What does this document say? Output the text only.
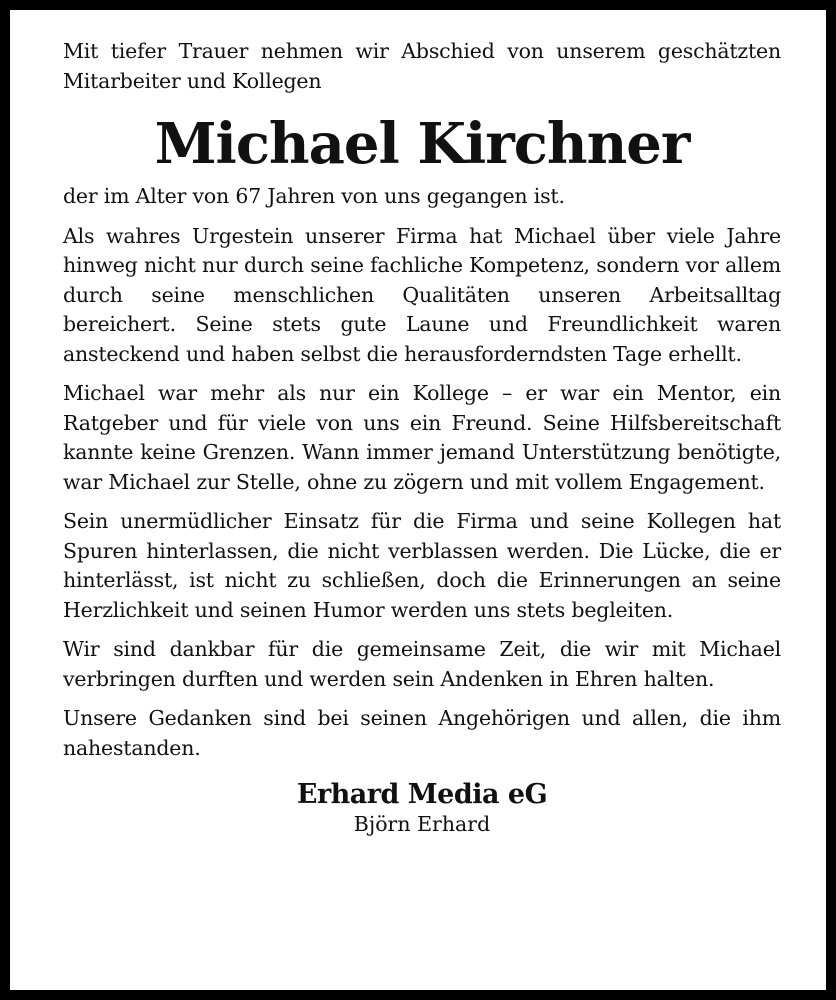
Mit tiefer Trauer nehmen wir Abschied von unserem geschätzten Mitarbeiter und Kollegen

Michael Kirchner

der im Alter von 67 Jahren von uns gegangen ist.

Als wahres Urgestein unserer Firma hat Michael über viele Jahre hinweg nicht nur durch seine fachliche Kompetenz, sondern vor allem durch seine menschlichen Qualitäten unseren Arbeitsalltag bereichert. Seine stets gute Laune und Freundlichkeit waren ansteckend und haben selbst die herausforderndsten Tage erhellt.

Michael war mehr als nur ein Kollege – er war ein Mentor, ein Ratgeber und für viele von uns ein Freund. Seine Hilfsbereitschaft kannte keine Grenzen. Wann immer jemand Unterstützung benötigte, war Michael zur Stelle, ohne zu zögern und mit vollem Engagement.

Sein unermüdlicher Einsatz für die Firma und seine Kollegen hat Spuren hinterlassen, die nicht verblassen werden. Die Lücke, die er hinterlässt, ist nicht zu schließen, doch die Erinnerungen an seine Herzlichkeit und seinen Humor werden uns stets begleiten.

Wir sind dankbar für die gemeinsame Zeit, die wir mit Michael verbringen durften und werden sein Andenken in Ehren halten.

Unsere Gedanken sind bei seinen Angehörigen und allen, die ihm nahestanden.

Erhard Media eG
Björn Erhard
